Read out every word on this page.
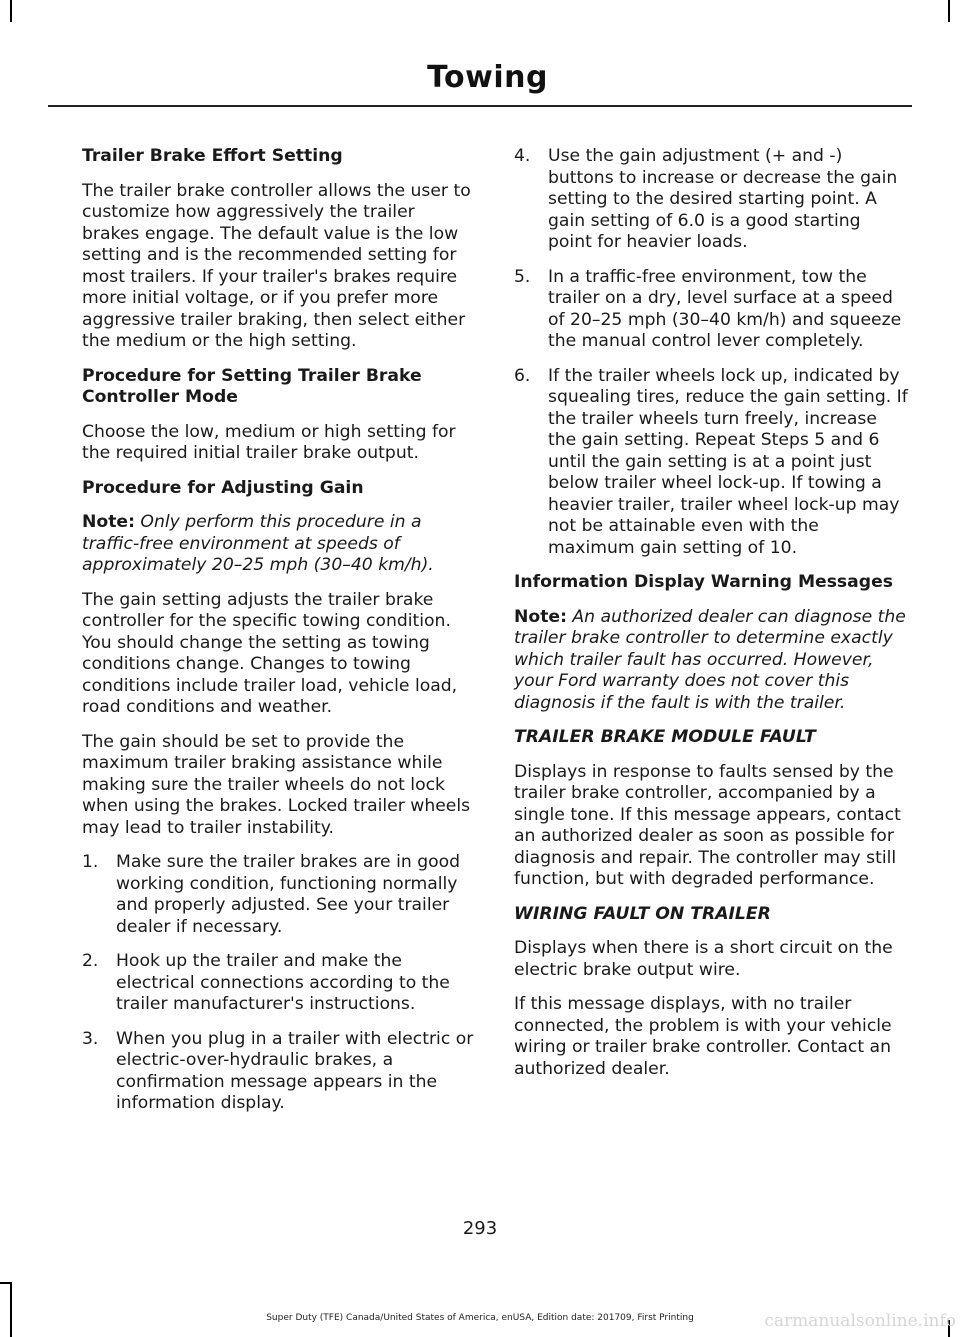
Towing
Trailer Brake Effort Setting

The trailer brake controller allows the user to customize how aggressively the trailer brakes engage. The default value is the low setting and is the recommended setting for most trailers. If your trailer's brakes require more initial voltage, or if you prefer more aggressive trailer braking, then select either the medium or the high setting.

Procedure for Setting Trailer Brake Controller Mode

Choose the low, medium or high setting for the required initial trailer brake output.

Procedure for Adjusting Gain

Note: Only perform this procedure in a traffic-free environment at speeds of approximately 20–25 mph (30–40 km/h).

The gain setting adjusts the trailer brake controller for the specific towing condition. You should change the setting as towing conditions change. Changes to towing conditions include trailer load, vehicle load, road conditions and weather.

The gain should be set to provide the maximum trailer braking assistance while making sure the trailer wheels do not lock when using the brakes. Locked trailer wheels may lead to trailer instability.

1. Make sure the trailer brakes are in good working condition, functioning normally and properly adjusted. See your trailer dealer if necessary.
2. Hook up the trailer and make the electrical connections according to the trailer manufacturer's instructions.
3. When you plug in a trailer with electric or electric-over-hydraulic brakes, a confirmation message appears in the information display.
4. Use the gain adjustment (+ and -) buttons to increase or decrease the gain setting to the desired starting point. A gain setting of 6.0 is a good starting point for heavier loads.
5. In a traffic-free environment, tow the trailer on a dry, level surface at a speed of 20–25 mph (30–40 km/h) and squeeze the manual control lever completely.
6. If the trailer wheels lock up, indicated by squealing tires, reduce the gain setting. If the trailer wheels turn freely, increase the gain setting. Repeat Steps 5 and 6 until the gain setting is at a point just below trailer wheel lock-up. If towing a heavier trailer, trailer wheel lock-up may not be attainable even with the maximum gain setting of 10.
Information Display Warning Messages

Note: An authorized dealer can diagnose the trailer brake controller to determine exactly which trailer fault has occurred. However, your Ford warranty does not cover this diagnosis if the fault is with the trailer.

TRAILER BRAKE MODULE FAULT

Displays in response to faults sensed by the trailer brake controller, accompanied by a single tone. If this message appears, contact an authorized dealer as soon as possible for diagnosis and repair. The controller may still function, but with degraded performance.

WIRING FAULT ON TRAILER

Displays when there is a short circuit on the electric brake output wire.

If this message displays, with no trailer connected, the problem is with your vehicle wiring or trailer brake controller. Contact an authorized dealer.

293
Super Duty (TFE) Canada/United States of America, enUSA, Edition date: 201709, First Printing	carmanualsonline.info
